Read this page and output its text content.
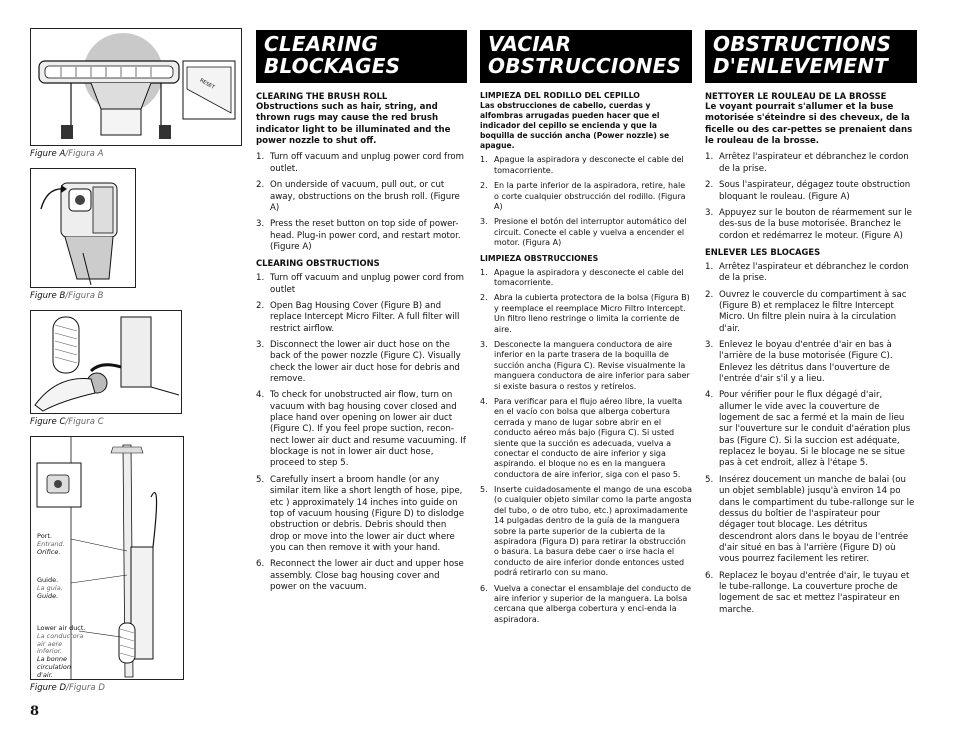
RESET
Figure A/Figura A
Figure B/Figura B
Figure C/Figura C
Port.
Entrand.
Orifice.
Guide.
La guía.
Guide.
Lower air duct.
La conductora air aere inferior.
La bonne circulation d'air.
Figure D/Figura D
CLEARING
BLOCKAGES
CLEARING THE BRUSH ROLL
Obstructions such as hair, string, and thrown rugs may cause the red brush indicator light to be illuminated and the power nozzle to shut off.
1. Turn off vacuum and unplug power cord from outlet.
2. On underside of vacuum, pull out, or cut away, obstructions on the brush roll. (Figure A)
3. Press the reset button on top side of power-head. Plug-in power cord, and restart motor. (Figure A)
CLEARING OBSTRUCTIONS
1. Turn off vacuum and unplug power cord from outlet
2. Open Bag Housing Cover (Figure B) and replace Intercept Micro Filter. A full filter will restrict airflow.
3. Disconnect the lower air duct hose on the back of the power nozzle (Figure C). Visually check the lower air duct hose for debris and remove.
4. To check for unobstructed air flow, turn on vacuum with bag housing cover closed and place hand over opening on lower air duct (Figure C). If you feel prope suction, recon-nect lower air duct and resume vacuuming. If blockage is not in lower air duct hose, proceed to step 5.
5. Carefully insert a broom handle (or any similar item like a short length of hose, pipe, etc ) approximately 14 inches into guide on top of vacuum housing (Figure D) to dislodge obstruction or debris. Debris should then drop or move into the lower air duct where you can then remove it with your hand.
6. Reconnect the lower air duct and upper hose assembly. Close bag housing cover and power on the vacuum.
VACIAR
OBSTRUCCIONES
LIMPIEZA DEL RODILLO DEL CEPILLO
Las obstrucciones de cabello, cuerdas y alfombras arrugadas pueden hacer que el indicador del cepillo se encienda y que la boquilla de succión ancha (Power nozzle) se apague.
1. Apague la aspiradora y desconecte el cable del tomacorriente.
2. En la parte inferior de la aspiradora, retire, hale o corte cualquier obstrucción del rodillo. (Figura A)
3. Presione el botón del interruptor automático del circuit. Conecte el cable y vuelva a encender el motor. (Figura A)
LIMPIEZA OBSTRUCCIONES
1. Apague la aspiradora y desconecte el cable del tomacorriente.
2. Abra la cubierta protectora de la bolsa (Figura B) y reemplace el reemplace Micro Filtro Intercept. Un filtro lleno restringe o limita la corriente de aire.
3. Desconecte la manguera conductora de aire inferior en la parte trasera de la boquilla de succión ancha (Figura C). Revise visualmente la manguera conductora de aire inferior para saber si existe basura o restos y retírelos.
4. Para verificar para el flujo aéreo libre, la vuelta en el vacío con bolsa que alberga cobertura cerrada y mano de lugar sobre abrir en el conducto aéreo más bajo (Figura C). Si usted siente que la succión es adecuada, vuelva a conectar el conducto de aire inferior y siga aspirando. el bloque no es en la manguera conductora de aire inferior, siga con el paso 5.
5. Inserte cuidadosamente el mango de una escoba (o cualquier objeto similar como la parte angosta del tubo, o de otro tubo, etc.) aproximadamente 14 pulgadas dentro de la guía de la manguera sobre la parte superior de la cubierta de la aspiradora (Figura D) para retirar la obstrucción o basura. La basura debe caer o irse hacia el conducto de aire inferior donde entonces usted podrá retirarlo con su mano.
6. Vuelva a conectar el ensamblaje del conducto de aire inferior y superior de la manguera. La bolsa cercana que alberga cobertura y enci-enda la aspiradora.
OBSTRUCTIONS
D'ENLEVEMENT
NETTOYER LE ROULEAU DE LA BROSSE
Le voyant pourrait s'allumer et la buse motorisée s'éteindre si des cheveux, de la ficelle ou des car-pettes se prenaient dans le rouleau de la brosse.
1. Arrêtez l'aspirateur et débranchez le cordon de la prise.
2. Sous l'aspirateur, dégagez toute obstruction bloquant le rouleau. (Figure A)
3. Appuyez sur le bouton de réarmement sur le des-sus de la buse motorisée. Branchez le cordon et redémarrez le moteur. (Figure A)
ENLEVER LES BLOCAGES
1. Arrêtez l'aspirateur et débranchez le cordon de la prise.
2. Ouvrez le couvercle du compartiment à sac (Figure B) et remplacez le filtre Intercept Micro. Un filtre plein nuira à la circulation d'air.
3. Enlevez le boyau d'entrée d'air en bas à l'arrière de la buse motorisée (Figure C). Enlevez les détritus dans l'ouverture de l'entrée d'air s'il y a lieu.
4. Pour vérifier pour le flux dégagé d'air, allumer le vide avec la couverture de logement de sac a fermé et la main de lieu sur l'ouverture sur le conduit d'aération plus bas (Figure C). Si la succion est adéquate, replacez le boyau. Si le blocage ne se situe pas à cet endroit, allez à l'étape 5.
5. Insérez doucement un manche de balai (ou un objet semblable) jusqu'à environ 14 po dans le compartiment du tube-rallonge sur le dessus du boîtier de l'aspirateur pour dégager tout blocage. Les détritus descendront alors dans le boyau de l'entrée d'air situé en bas à l'arrière (Figure D) où vous pourrez facilement les retirer.
6. Replacez le boyau d'entrée d'air, le tuyau et le tube-rallonge. La couverture proche de logement de sac et mettez l'aspirateur en marche.
8
